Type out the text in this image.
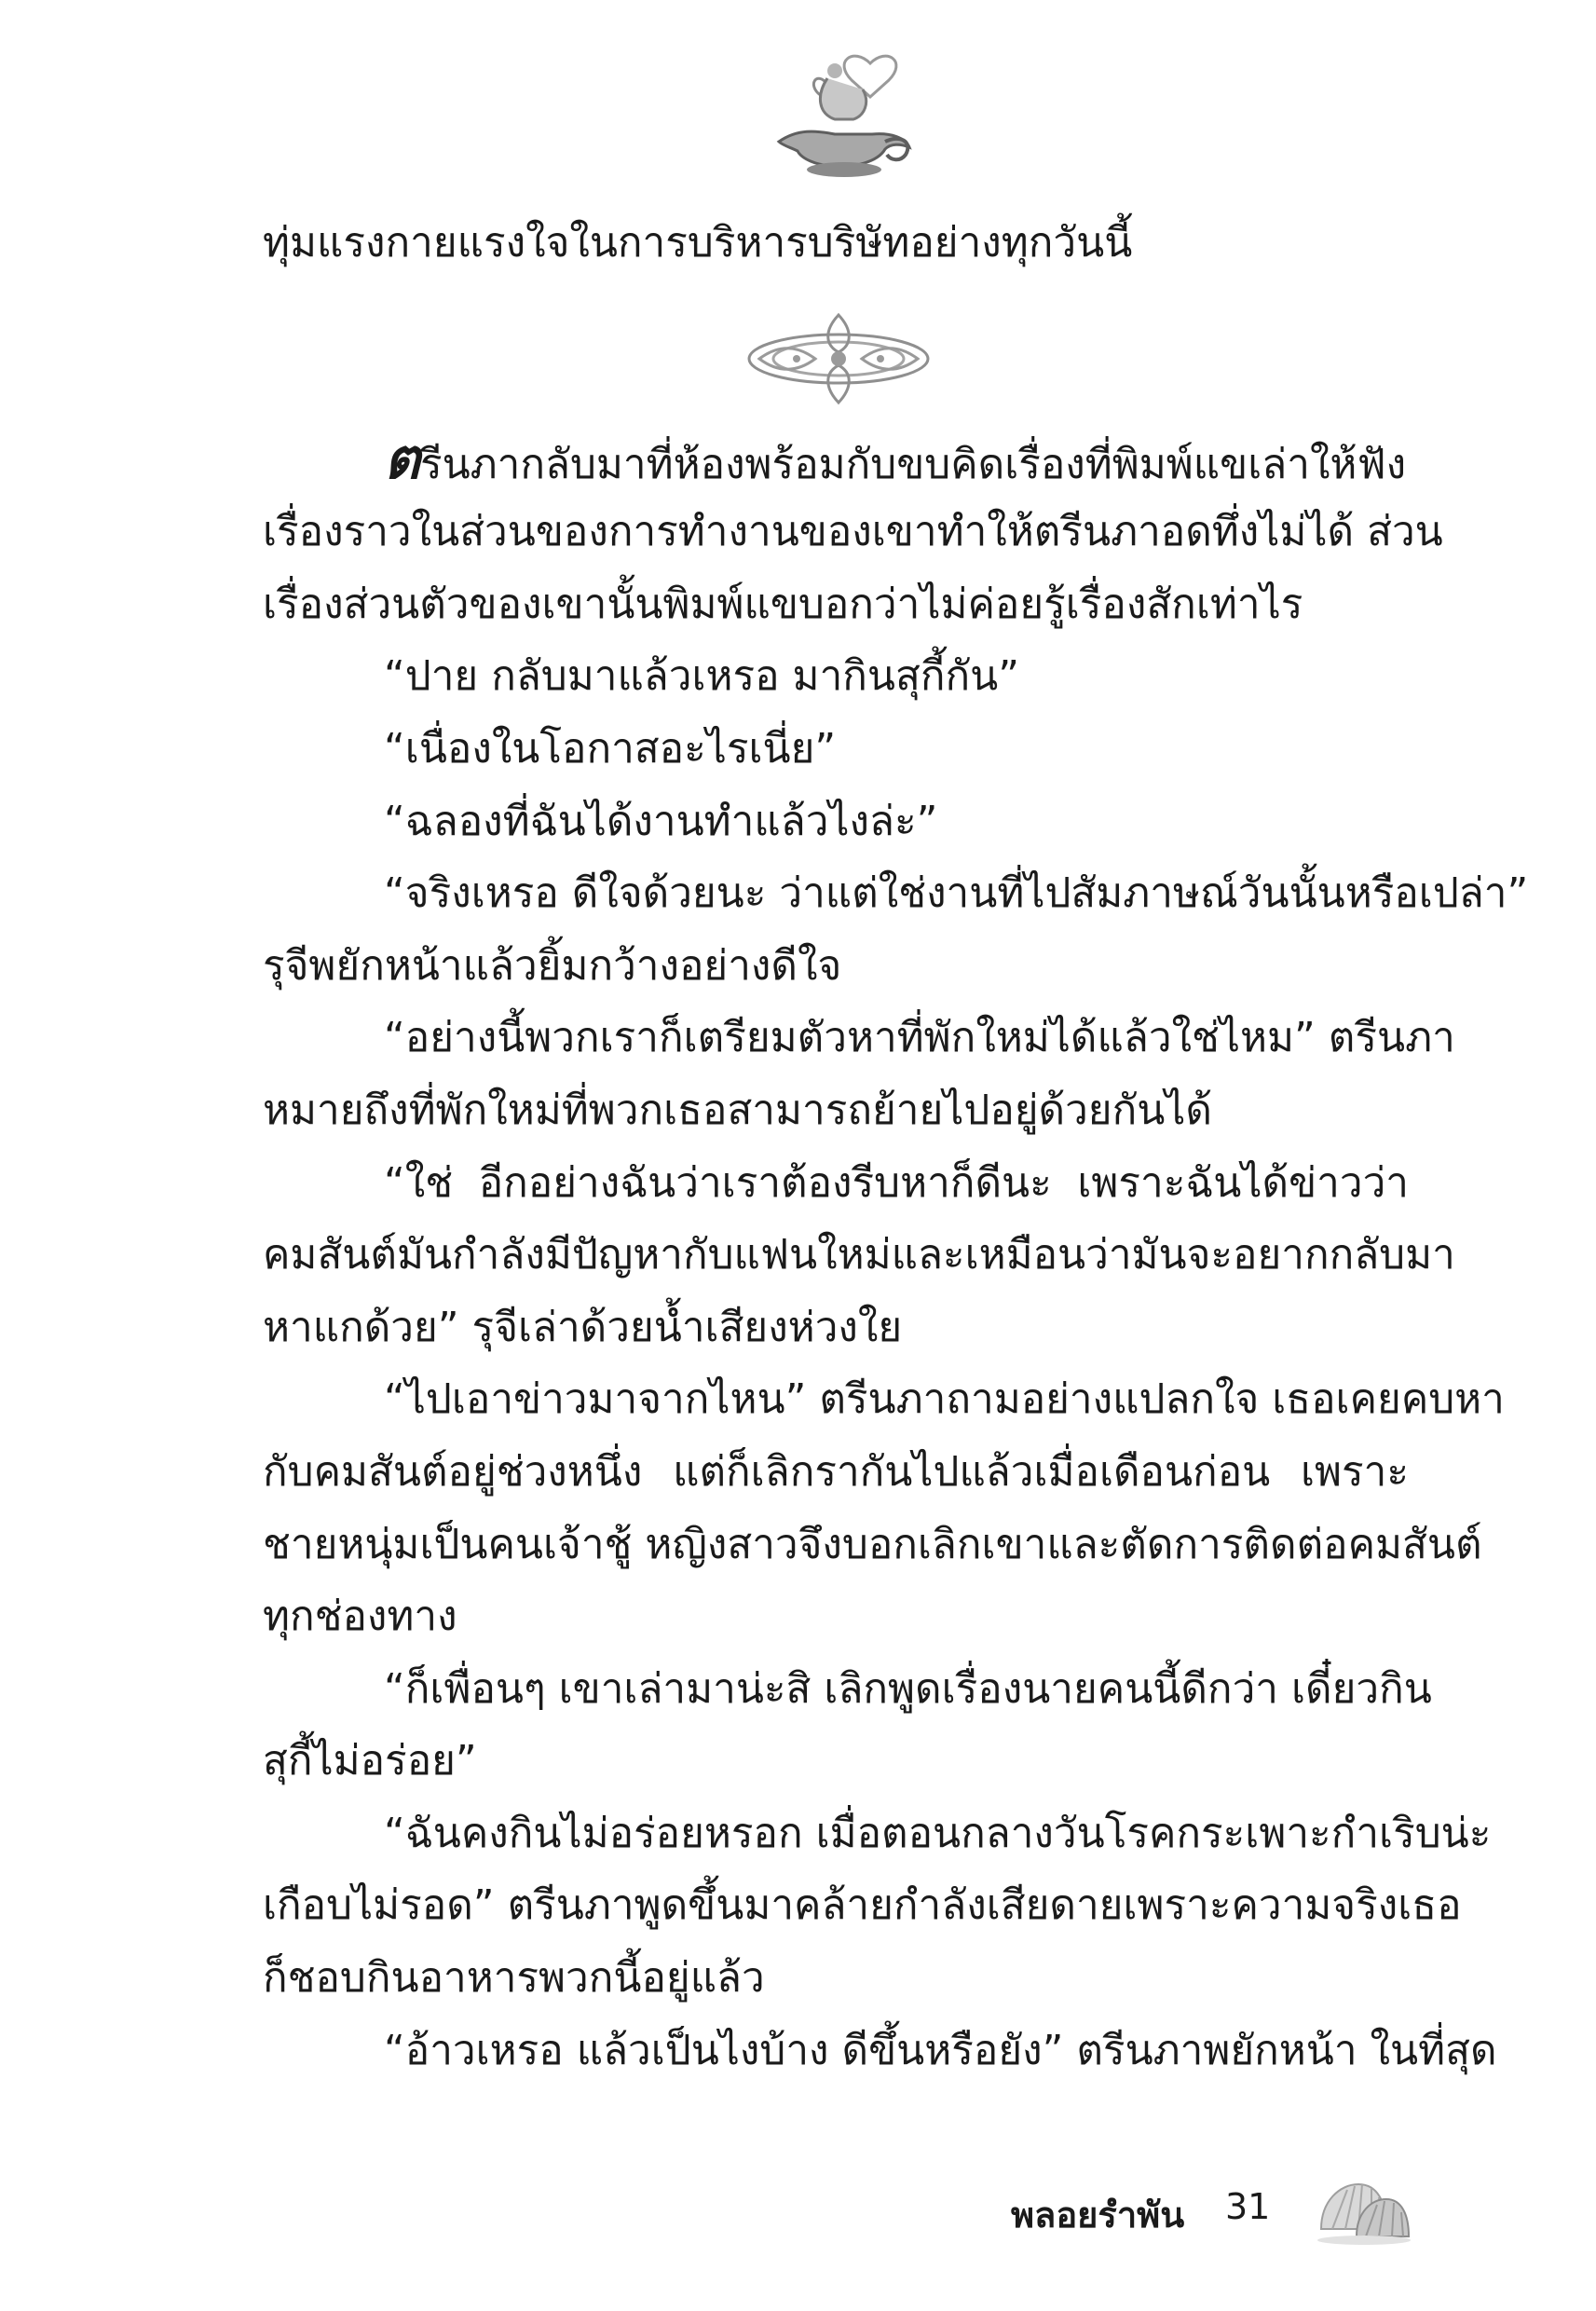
ทุ่มแรงกายแรงใจในการบริหารบริษัทอย่างทุกวันนี้
ตรีนภากลับมาที่ห้องพร้อมกับขบคิดเรื่องที่พิมพ์แขเล่าให้ฟัง
เรื่องราวในส่วนของการทำงานของเขาทำให้ตรีนภาอดทึ่งไม่ได้ ส่วน
เรื่องส่วนตัวของเขานั้นพิมพ์แขบอกว่าไม่ค่อยรู้เรื่องสักเท่าไร
“ปาย กลับมาแล้วเหรอ มากินสุกี้กัน”
“เนื่องในโอกาสอะไรเนี่ย”
“ฉลองที่ฉันได้งานทำแล้วไงล่ะ”
“จริงเหรอ ดีใจด้วยนะ ว่าแต่ใช่งานที่ไปสัมภาษณ์วันนั้นหรือเปล่า”
รุจีพยักหน้าแล้วยิ้มกว้างอย่างดีใจ
“อย่างนี้พวกเราก็เตรียมตัวหาที่พักใหม่ได้แล้วใช่ไหม” ตรีนภา
หมายถึงที่พักใหม่ที่พวกเธอสามารถย้ายไปอยู่ด้วยกันได้
“ใช่ อีกอย่างฉันว่าเราต้องรีบหาก็ดีนะ เพราะฉันได้ข่าวว่า
คมสันต์มันกำลังมีปัญหากับแฟนใหม่และเหมือนว่ามันจะอยากกลับมา
หาแกด้วย” รุจีเล่าด้วยน้ำเสียงห่วงใย
“ไปเอาข่าวมาจากไหน” ตรีนภาถามอย่างแปลกใจ เธอเคยคบหา
กับคมสันต์อยู่ช่วงหนึ่ง แต่ก็เลิกรากันไปแล้วเมื่อเดือนก่อน เพราะ
ชายหนุ่มเป็นคนเจ้าชู้ หญิงสาวจึงบอกเลิกเขาและตัดการติดต่อคมสันต์
ทุกช่องทาง
“ก็เพื่อนๆ เขาเล่ามาน่ะสิ เลิกพูดเรื่องนายคนนี้ดีกว่า เดี๋ยวกิน
สุกี้ไม่อร่อย”
“ฉันคงกินไม่อร่อยหรอก เมื่อตอนกลางวันโรคกระเพาะกำเริบน่ะ
เกือบไม่รอด” ตรีนภาพูดขึ้นมาคล้ายกำลังเสียดายเพราะความจริงเธอ
ก็ชอบกินอาหารพวกนี้อยู่แล้ว
“อ้าวเหรอ แล้วเป็นไงบ้าง ดีขึ้นหรือยัง” ตรีนภาพยักหน้า ในที่สุด
พลอยรำพัน 31
